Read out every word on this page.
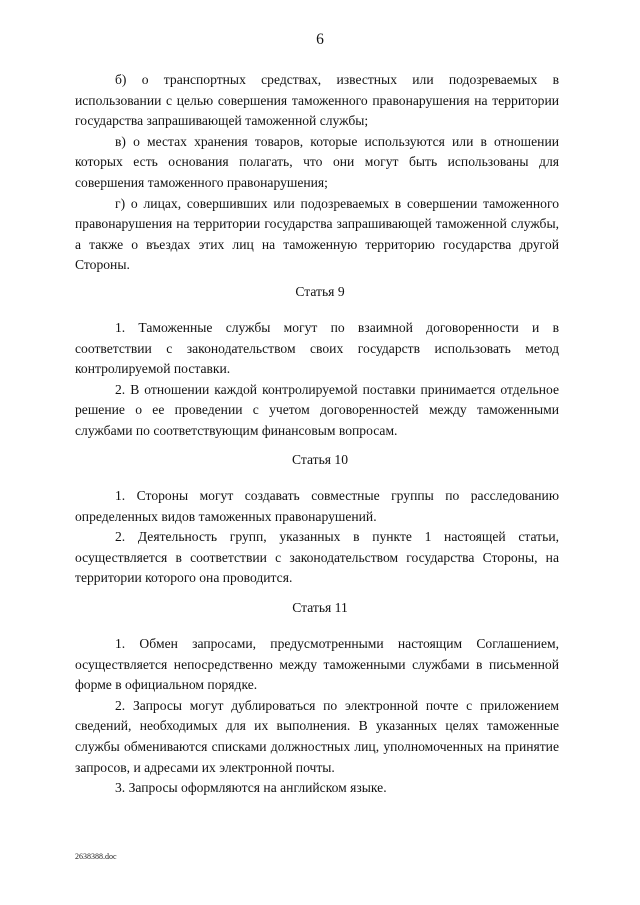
6

б) о транспортных средствах, известных или подозреваемых в использовании с целью совершения таможенного правонарушения на территории государства запрашивающей таможенной службы;

в) о местах хранения товаров, которые используются или в отношении которых есть основания полагать, что они могут быть использованы для совершения таможенного правонарушения;

г) о лицах, совершивших или подозреваемых в совершении таможенного правонарушения на территории государства запрашивающей таможенной службы, а также о въездах этих лиц на таможенную территорию государства другой Стороны.

Статья 9

1. Таможенные службы могут по взаимной договоренности и в соответствии с законодательством своих государств использовать метод контролируемой поставки.

2. В отношении каждой контролируемой поставки принимается отдельное решение о ее проведении с учетом договоренностей между таможенными службами по соответствующим финансовым вопросам.

Статья 10

1. Стороны могут создавать совместные группы по расследованию определенных видов таможенных правонарушений.

2. Деятельность групп, указанных в пункте 1 настоящей статьи, осуществляется в соответствии с законодательством государства Стороны, на территории которого она проводится.

Статья 11

1. Обмен запросами, предусмотренными настоящим Соглашением, осуществляется непосредственно между таможенными службами в письменной форме в официальном порядке.

2. Запросы могут дублироваться по электронной почте с приложением сведений, необходимых для их выполнения. В указанных целях таможенные службы обмениваются списками должностных лиц, уполномоченных на принятие запросов, и адресами их электронной почты.

3. Запросы оформляются на английском языке.

2638388.doc
